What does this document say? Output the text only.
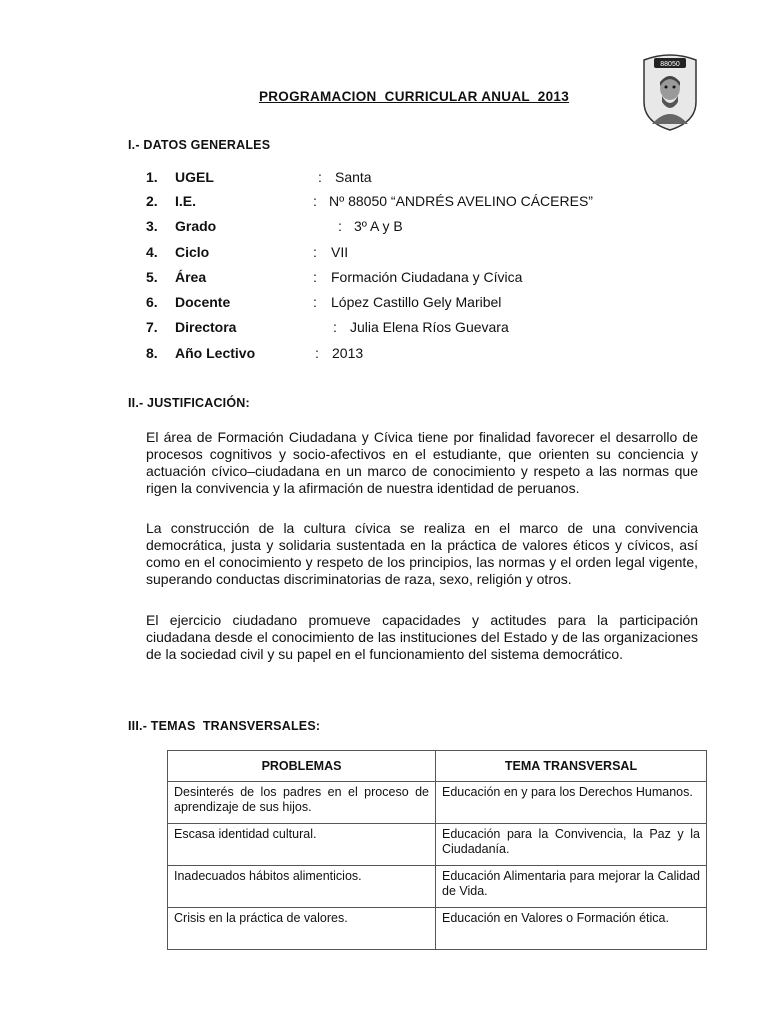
PROGRAMACION  CURRICULAR ANUAL  2013
88050
I.- DATOS GENERALES
1. UGEL	: Santa
2. I.E.	: Nº 88050 “ANDRÉS AVELINO CÁCERES”
3. Grado	: 3º A y B
4. Ciclo	: VII
5. Área	: Formación Ciudadana y Cívica
6. Docente	: López Castillo Gely Maribel
7. Directora	: Julia Elena Ríos Guevara
8. Año Lectivo	: 2013
II.- JUSTIFICACIÓN:

El área de Formación Ciudadana y Cívica tiene por finalidad favorecer el desarrollo de procesos cognitivos y socio-afectivos en el estudiante, que orienten su conciencia y actuación cívico–ciudadana en un marco de conocimiento y respeto a las normas que rigen la convivencia y la afirmación de nuestra identidad de peruanos.

La construcción de la cultura cívica se realiza en el marco de una convivencia democrática, justa y solidaria sustentada en la práctica de valores éticos y cívicos, así como en el conocimiento y respeto de los principios, las normas y el orden legal vigente, superando conductas discriminatorias de raza, sexo, religión y otros.

El ejercicio ciudadano promueve capacidades y actitudes para la participación ciudadana desde el conocimiento de las instituciones del Estado y de las organizaciones de la sociedad civil y su papel en el funcionamiento del sistema democrático.

III.- TEMAS  TRANSVERSALES:
PROBLEMAS	TEMA TRANSVERSAL
Desinterés de los padres en el proceso de aprendizaje de sus hijos.	Educación en y para los Derechos Humanos.
Escasa identidad cultural.	Educación para la Convivencia, la Paz y la Ciudadanía.
Inadecuados hábitos alimenticios.	Educación Alimentaria para mejorar la Calidad de Vida.
Crisis en la práctica de valores.	Educación en Valores o Formación ética.
